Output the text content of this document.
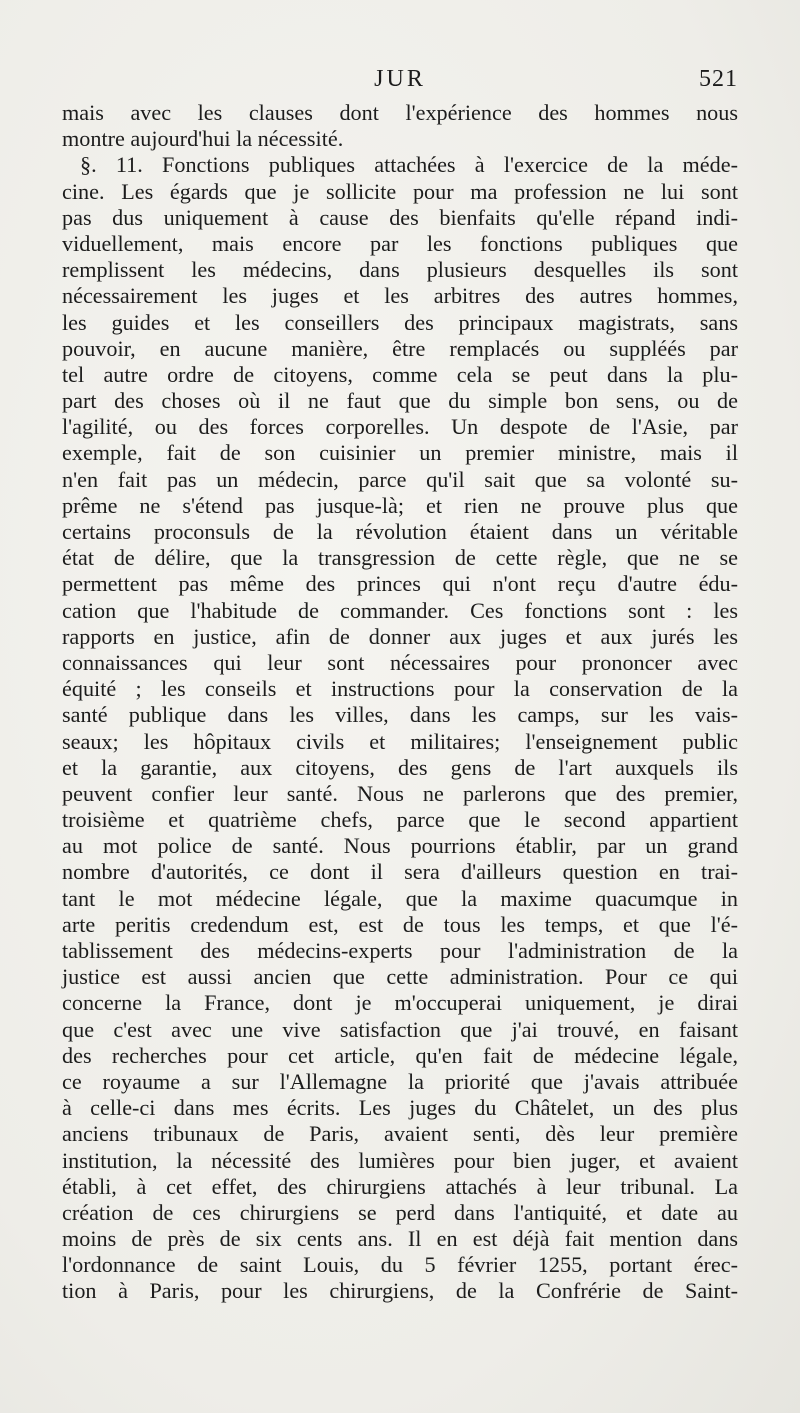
JUR	521
mais avec les clauses dont l'expérience des hommes nous
montre aujourd'hui la nécessité.
§. 11. Fonctions publiques attachées à l'exercice de la méde-
cine. Les égards que je sollicite pour ma profession ne lui sont
pas dus uniquement à cause des bienfaits qu'elle répand indi-
viduellement, mais encore par les fonctions publiques que
remplissent les médecins, dans plusieurs desquelles ils sont
nécessairement les juges et les arbitres des autres hommes,
les guides et les conseillers des principaux magistrats, sans
pouvoir, en aucune manière, être remplacés ou suppléés par
tel autre ordre de citoyens, comme cela se peut dans la plu-
part des choses où il ne faut que du simple bon sens, ou de
l'agilité, ou des forces corporelles. Un despote de l'Asie, par
exemple, fait de son cuisinier un premier ministre, mais il
n'en fait pas un médecin, parce qu'il sait que sa volonté su-
prême ne s'étend pas jusque-là; et rien ne prouve plus que
certains proconsuls de la révolution étaient dans un véritable
état de délire, que la transgression de cette règle, que ne se
permettent pas même des princes qui n'ont reçu d'autre édu-
cation que l'habitude de commander. Ces fonctions sont : les
rapports en justice, afin de donner aux juges et aux jurés les
connaissances qui leur sont nécessaires pour prononcer avec
équité ; les conseils et instructions pour la conservation de la
santé publique dans les villes, dans les camps, sur les vais-
seaux; les hôpitaux civils et militaires; l'enseignement public
et la garantie, aux citoyens, des gens de l'art auxquels ils
peuvent confier leur santé. Nous ne parlerons que des premier,
troisième et quatrième chefs, parce que le second appartient
au mot police de santé. Nous pourrions établir, par un grand
nombre d'autorités, ce dont il sera d'ailleurs question en trai-
tant le mot médecine légale, que la maxime quacumque in
arte peritis credendum est, est de tous les temps, et que l'é-
tablissement des médecins-experts pour l'administration de la
justice est aussi ancien que cette administration. Pour ce qui
concerne la France, dont je m'occuperai uniquement, je dirai
que c'est avec une vive satisfaction que j'ai trouvé, en faisant
des recherches pour cet article, qu'en fait de médecine légale,
ce royaume a sur l'Allemagne la priorité que j'avais attribuée
à celle-ci dans mes écrits. Les juges du Châtelet, un des plus
anciens tribunaux de Paris, avaient senti, dès leur première
institution, la nécessité des lumières pour bien juger, et avaient
établi, à cet effet, des chirurgiens attachés à leur tribunal. La
création de ces chirurgiens se perd dans l'antiquité, et date au
moins de près de six cents ans. Il en est déjà fait mention dans
l'ordonnance de saint Louis, du 5 février 1255, portant érec-
tion à Paris, pour les chirurgiens, de la Confrérie de Saint-
